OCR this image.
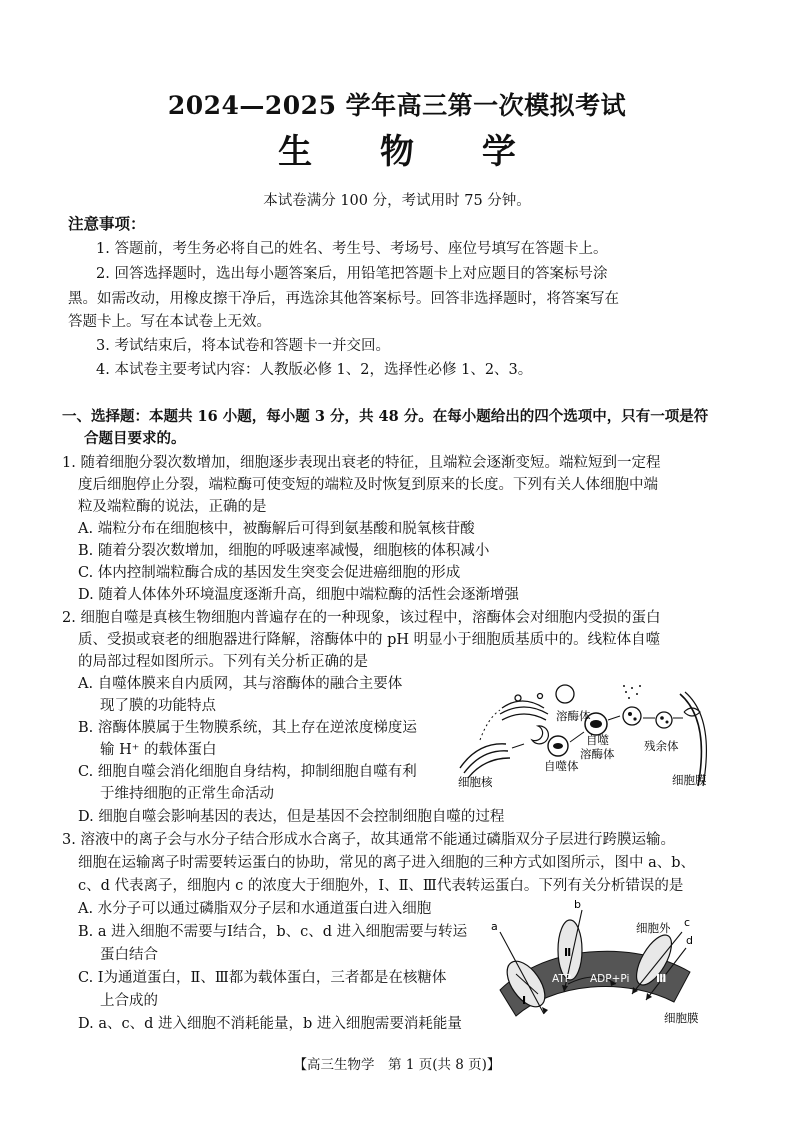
2024—2025 学年高三第一次模拟考试
生 物 学
本试卷满分 100 分，考试用时 75 分钟。
注意事项：
1. 答题前，考生务必将自己的姓名、考生号、考场号、座位号填写在答题卡上。
2. 回答选择题时，选出每小题答案后，用铅笔把答题卡上对应题目的答案标号涂
黑。如需改动，用橡皮擦干净后，再选涂其他答案标号。回答非选择题时，将答案写在
答题卡上。写在本试卷上无效。
3. 考试结束后，将本试卷和答题卡一并交回。
4. 本试卷主要考试内容：人教版必修 1、2，选择性必修 1、2、3。
一、选择题：本题共 16 小题，每小题 3 分，共 48 分。在每小题给出的四个选项中，只有一项是符
合题目要求的。
1. 随着细胞分裂次数增加，细胞逐步表现出衰老的特征，且端粒会逐渐变短。端粒短到一定程
度后细胞停止分裂，端粒酶可使变短的端粒及时恢复到原来的长度。下列有关人体细胞中端
粒及端粒酶的说法，正确的是
A. 端粒分布在细胞核中，被酶解后可得到氨基酸和脱氧核苷酸
B. 随着分裂次数增加，细胞的呼吸速率减慢，细胞核的体积减小
C. 体内控制端粒酶合成的基因发生突变会促进癌细胞的形成
D. 随着人体体外环境温度逐渐升高，细胞中端粒酶的活性会逐渐增强
2. 细胞自噬是真核生物细胞内普遍存在的一种现象，该过程中，溶酶体会对细胞内受损的蛋白
质、受损或衰老的细胞器进行降解，溶酶体中的 pH 明显小于细胞质基质中的。线粒体自噬
的局部过程如图所示。下列有关分析正确的是
A. 自噬体膜来自内质网，其与溶酶体的融合主要体
现了膜的功能特点
B. 溶酶体膜属于生物膜系统，其上存在逆浓度梯度运
输 H⁺ 的载体蛋白
C. 细胞自噬会消化细胞自身结构，抑制细胞自噬有利
于维持细胞的正常生命活动
D. 细胞自噬会影响基因的表达，但是基因不会控制细胞自噬的过程
溶酶体
自噬
溶酶体
残余体
细胞核
自噬体
细胞膜
3. 溶液中的离子会与水分子结合形成水合离子，故其通常不能通过磷脂双分子层进行跨膜运输。
细胞在运输离子时需要转运蛋白的协助，常见的离子进入细胞的三种方式如图所示，图中 a、b、
c、d 代表离子，细胞内 c 的浓度大于细胞外，Ⅰ、Ⅱ、Ⅲ代表转运蛋白。下列有关分析错误的是
A. 水分子可以通过磷脂双分子层和水通道蛋白进入细胞
B. a 进入细胞不需要与Ⅰ结合，b、c、d 进入细胞需要与转运
蛋白结合
C. Ⅰ为通道蛋白，Ⅱ、Ⅲ都为载体蛋白，三者都是在核糖体
上合成的
D. a、c、d 进入细胞不消耗能量，b 进入细胞需要消耗能量
a
b
c
d
细胞外
Ⅰ
Ⅱ
Ⅲ
ATP ADP+Pi
细胞膜
【高三生物学　第 1 页(共 8 页)】
